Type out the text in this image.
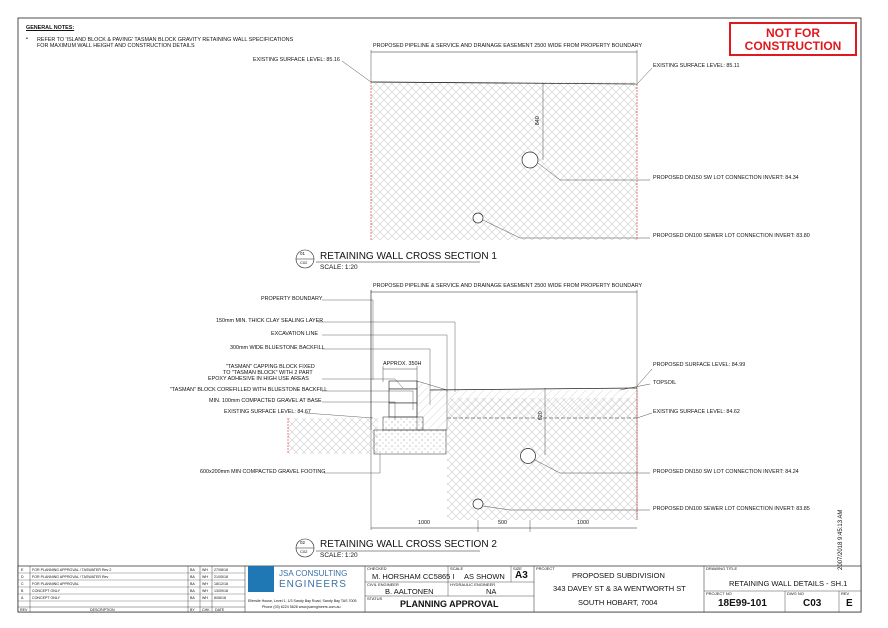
GENERAL NOTES:
• REFER TO 'ISLAND BLOCK & PAVING' TASMAN BLOCK GRAVITY RETAINING WALL SPECIFICATIONS
FOR MAXIMUM WALL HEIGHT AND CONSTRUCTION DETAILS
NOT FOR
CONSTRUCTION
PROPOSED PIPELINE & SERVICE AND DRAINAGE EASEMENT 2500 WIDE FROM PROPERTY BOUNDARY
EXISTING SURFACE LEVEL: 85.16
EXISTING SURFACE LEVEL: 85.11
840
PROPOSED DN150 SW LOT CONNECTION INVERT: 84.34
PROPOSED DN100 SEWER LOT CONNECTION INVERT: 83.80
01
C02
RETAINING WALL CROSS SECTION 1
SCALE: 1:20
PROPOSED PIPELINE & SERVICE AND DRAINAGE EASEMENT 2500 WIDE FROM PROPERTY BOUNDARY
PROPERTY BOUNDARY
150mm MIN. THICK CLAY SEALING LAYER
EXCAVATION LINE
300mm WIDE BLUESTONE BACKFILL
"TASMAN" CAPPING BLOCK FIXED
TO "TASMAN BLOCK" WITH 2 PART
EPOXY ADHESIVE IN HIGH USE AREAS
"TASMAN" BLOCK COREFILLED WITH BLUESTONE BACKFILL
MIN. 100mm COMPACTED GRAVEL AT BASE
EXISTING SURFACE LEVEL: 84.67
600x200mm MIN COMPACTED GRAVEL FOOTING
APPROX. 350H	PROPOSED SURFACE LEVEL: 84.99
TOPSOIL
EXISTING SURFACE LEVEL: 84.62
620
PROPOSED DN150 SW LOT CONNECTION INVERT: 84.24
PROPOSED DN100 SEWER LOT CONNECTION INVERT: 83.85
1000	500	1000
02
C02
RETAINING WALL CROSS SECTION 2
SCALE: 1:20	2007/2018 9:45:13 AM
E FOR PLANNING APPROVAL / TASWATER Rev 2	BA WH 27/08/18
D FOR PLANNING APPROVAL / TASWATER Rev	BA WH 21/05/18
C FOR PLANNING APPROVAL	BA WH 18/12/18
B CONCEPT ONLY	BA WH 13/09/18
A CONCEPT ONLY	BA WH 8/08/18
REV	DESCRIPTION	BY CHK DATE
JSA CONSULTING
ENGINEERS
Ellerslie House, Level 1, 1/3 Sandy Bay Road, Sandy Bay TAS 7005
Phone (03) 6224 5626 www.jsaengineers.com.au
CHECKED
M. HORSHAM CC5865 I
SCALE
AS SHOWN
SIZE
A3
CIVIL ENGINEER
B. AALTONEN
HYDRAULIC ENGINEER
NA
STATUS
PLANNING APPROVAL
PROJECT
PROPOSED SUBDIVISION
343 DAVEY ST & 3A WENTWORTH ST
SOUTH HOBART, 7004
DRAWING TITLE
RETAINING WALL DETAILS - SH.1
PROJECT NO
18E99-101
DWG NO
C03
REV
E
